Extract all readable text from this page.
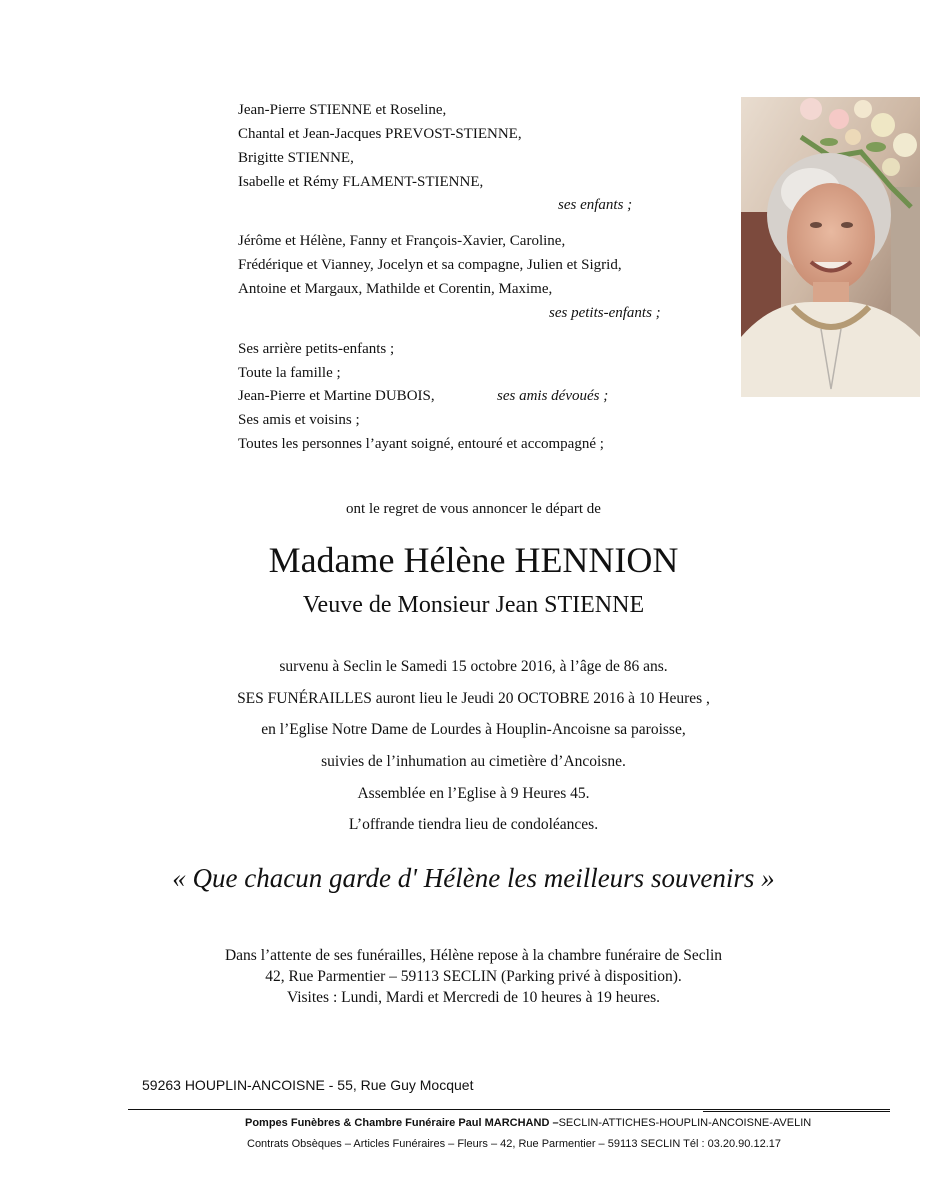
Jean-Pierre STIENNE et Roseline,
Chantal et Jean-Jacques PREVOST-STIENNE,
Brigitte STIENNE,
Isabelle et Rémy FLAMENT-STIENNE,
ses enfants ;
Jérôme et Hélène, Fanny et François-Xavier, Caroline,
Frédérique et Vianney, Jocelyn et sa compagne, Julien et Sigrid,
Antoine et Margaux, Mathilde et Corentin, Maxime,
ses petits-enfants ;
Ses arrière petits-enfants ;
Toute la famille ;
Jean-Pierre et Martine DUBOIS,	ses amis dévoués ;
Ses amis et voisins ;
Toutes les personnes l’ayant soigné, entouré et accompagné ;
ont le regret de vous annoncer le départ de
Madame Hélène HENNION
Veuve de Monsieur Jean STIENNE
survenu à Seclin le Samedi 15 octobre 2016, à l’âge de 86 ans.
SES FUNÉRAILLES auront lieu le Jeudi 20 OCTOBRE 2016 à 10 Heures ,
en l’Eglise Notre Dame de Lourdes à Houplin-Ancoisne sa paroisse,
suivies de l’inhumation au cimetière d’Ancoisne.
Assemblée en l’Eglise à 9 Heures 45.
L’offrande tiendra lieu de condoléances.
« Que chacun garde d' Hélène les meilleurs souvenirs »
Dans l’attente de ses funérailles, Hélène repose à la chambre funéraire de Seclin
42, Rue Parmentier – 59113 SECLIN (Parking privé à disposition).
Visites : Lundi, Mardi et Mercredi de 10 heures à 19 heures.
59263 HOUPLIN-ANCOISNE - 55, Rue Guy Mocquet
Pompes Funèbres & Chambre Funéraire Paul MARCHAND –SECLIN-ATTICHES-HOUPLIN-ANCOISNE-AVELIN
Contrats Obsèques – Articles Funéraires – Fleurs – 42, Rue Parmentier – 59113 SECLIN Tél : 03.20.90.12.17
